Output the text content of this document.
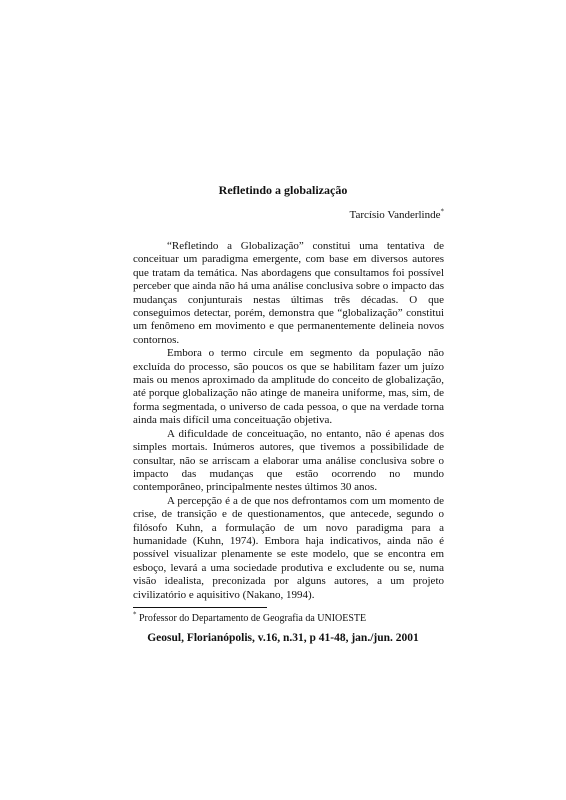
Refletindo a globalização
Tarcísio Vanderlinde*

“Refletindo a Globalização” constitui uma tentativa de conceituar um paradigma emergente, com base em diversos autores que tratam da temática. Nas abordagens que consultamos foi possível perceber que ainda não há uma análise conclusiva sobre o impacto das mudanças conjunturais nestas últimas três décadas. O que conseguimos detectar, porém, demonstra que “globalização” constitui um fenômeno em movimento e que permanentemente delineia novos contornos.

Embora o termo circule em segmento da população não excluída do processo, são poucos os que se habilitam fazer um juízo mais ou menos aproximado da amplitude do conceito de globalização, até porque globalização não atinge de maneira uniforme, mas, sim, de forma segmentada, o universo de cada pessoa, o que na verdade torna ainda mais difícil uma conceituação objetiva.

A dificuldade de conceituação, no entanto, não é apenas dos simples mortais. Inúmeros autores, que tivemos a possibilidade de consultar, não se arriscam a elaborar uma análise conclusiva sobre o impacto das mudanças que estão ocorrendo no mundo contemporâneo, principalmente nestes últimos 30 anos.

A percepção é a de que nos defrontamos com um momento de crise, de transição e de questionamentos, que antecede, segundo o filósofo Kuhn, a formulação de um novo paradigma para a humanidade (Kuhn, 1974). Embora haja indicativos, ainda não é possível visualizar plenamente se este modelo, que se encontra em esboço, levará a uma sociedade produtiva e excludente ou se, numa visão idealista, preconizada por alguns autores, a um projeto civilizatório e aquisitivo (Nakano, 1994).

* Professor do Departamento de Geografia da UNIOESTE
Geosul, Florianópolis, v.16, n.31, p 41-48, jan./jun. 2001
